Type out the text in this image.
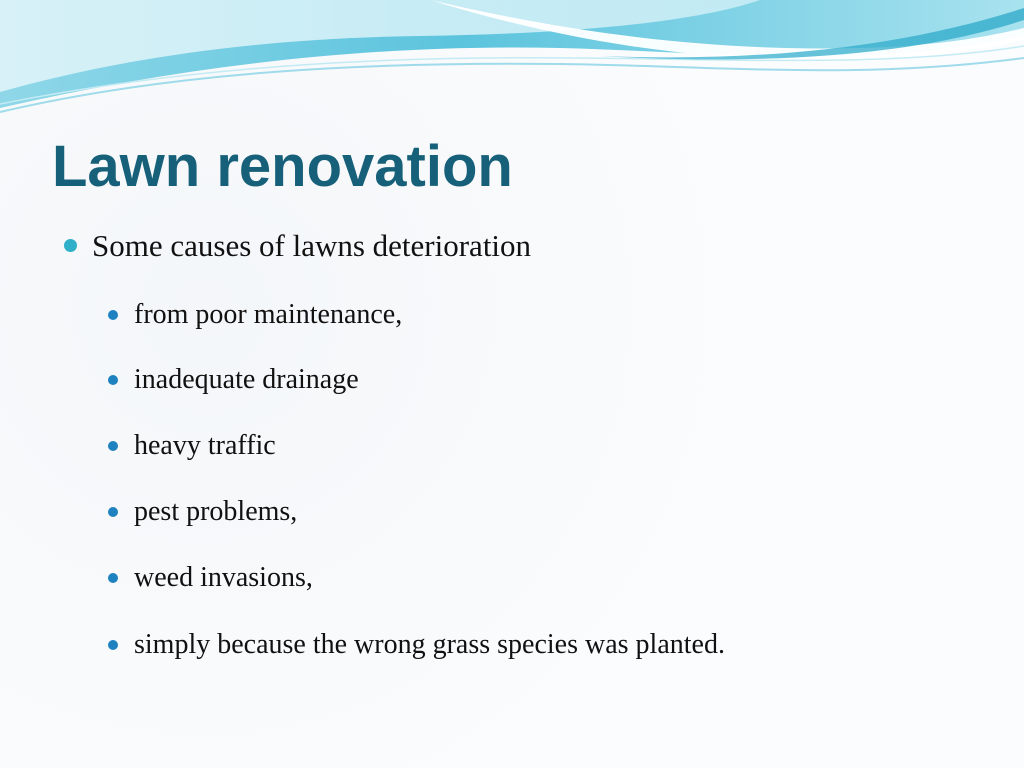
Lawn renovation
Some causes of lawns deterioration
from poor maintenance,
inadequate drainage
heavy traffic
pest problems,
weed invasions,
simply because the wrong grass species was planted.
